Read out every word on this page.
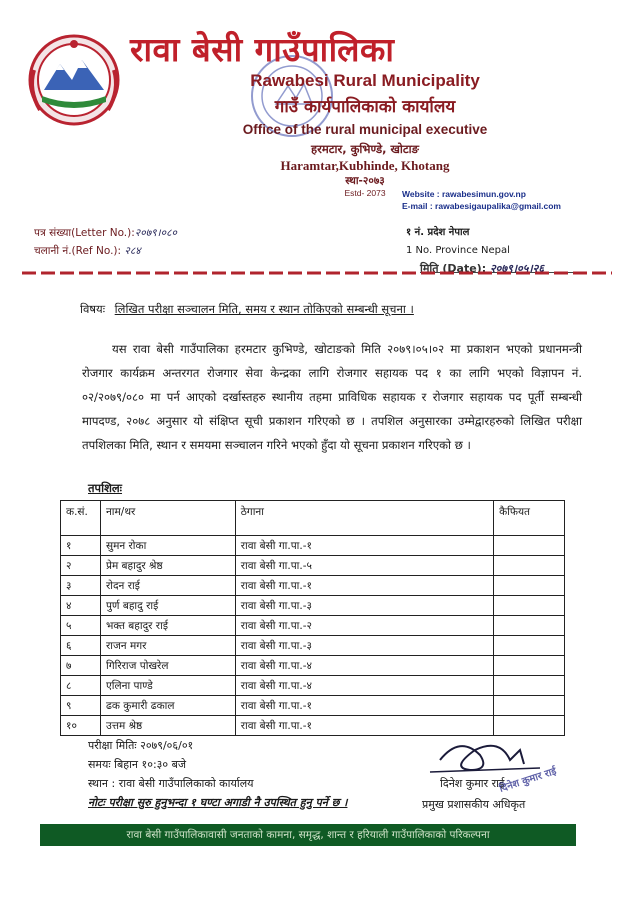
रावा बेसी गाउँपालिका
Rawabesi Rural Municipality
गाउँ कार्यपालिकाको कार्यालय
Office of the rural municipal executive
हरमटार, कुभिण्डे, खोटाङ
Haramtar,Kubhinde, Khotang
स्था-२०७३
Estd- 2073	Website : rawabesimun.gov.np
E-mail : rawabesigaupalika@gmail.com
पत्र संख्या(Letter No.):२०७९।०८०
चलानी नं.(Ref No.): २८४
१ नं. प्रदेश नेपाल
1 No. Province Nepal
मिति (Date): २०७९।०५।२६
विषयः लिखित परीक्षा सञ्चालन मिति, समय र स्थान तोकिएको सम्बन्धी सूचना ।
यस रावा बेसी गाउँपालिका हरमटार कुभिण्डे, खोटाङको मिति २०७९।०५।०२ मा प्रकाशन भएको प्रधानमन्त्री रोजगार कार्यक्रम अन्तरगत रोजगार सेवा केन्द्रका लागि रोजगार सहायक पद १ का लागि भएको विज्ञापन नं. ०२/२०७९/०८० मा पर्न आएको दर्खास्तहरु स्थानीय तहमा प्राविधिक सहायक र रोजगार सहायक पद पूर्ती सम्बन्धी मापदण्ड, २०७८ अनुसार यो संक्षिप्त सूची प्रकाशन गरिएको छ । तपशिल अनुसारका उम्मेद्वारहरुको लिखित परीक्षा तपशिलका मिति, स्थान र समयमा सञ्चालन गरिने भएको हुँदा यो सूचना प्रकाशन गरिएको छ ।
तपशिलः
क.सं.	नाम/थर	ठेगाना	कैफियत
१	सुमन रोका	रावा बेसी गा.पा.-१	
२	प्रेम बहादुर श्रेष्ठ	रावा बेसी गा.पा.-५	
३	रोदन राई	रावा बेसी गा.पा.-१	
४	पुर्ण बहादु राई	रावा बेसी गा.पा.-३	
५	भक्त बहादुर राई	रावा बेसी गा.पा.-२	
६	राजन मगर	रावा बेसी गा.पा.-३	
७	गिरिराज पोखरेल	रावा बेसी गा.पा.-४	
८	एलिना पाण्डे	रावा बेसी गा.पा.-४	
९	ढक कुमारी ढकाल	रावा बेसी गा.पा.-१	
१०	उत्तम श्रेष्ठ	रावा बेसी गा.पा.-१	
परीक्षा मितिः २०७९/०६/०१
समयः बिहान १०:३० बजे
स्थान : रावा बेसी गाउँपालिकाको कार्यालय
नोटः परीक्षा सुरु हुनुभन्दा १ घण्टा अगाडी नै उपस्थित हुनु पर्ने छ ।
दिनेश कुमार राई
प्रमुख प्रशासकीय अधिकृत
दिनेश कुमार राई
रावा बेसी गाउँपालिकावासी जनताको कामना, समृद्ध, शान्त र हरियाली गाउँपालिकाको परिकल्पना
